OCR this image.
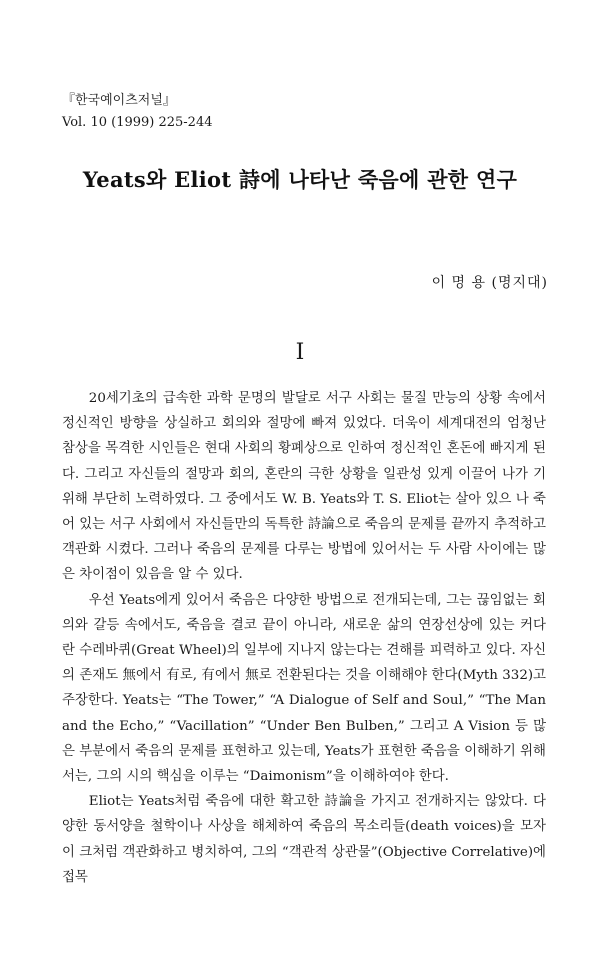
『한국예이츠저널』
Vol. 10 (1999) 225-244
Yeats와 Eliot 詩에 나타난 죽음에 관한 연구
이 명 용 (명지대)
I

20세기초의 급속한 과학 문명의 발달로 서구 사회는 물질 만능의 상황 속에서정신적인 방향을 상실하고 회의와 절망에 빠져 있었다. 더욱이 세계대전의 엄청난참상을 목격한 시인들은 현대 사회의 황폐상으로 인하여 정신적인 혼돈에 빠지게 된다. 그리고 자신들의 절망과 회의, 혼란의 극한 상황을 일관성 있게 이끌어 나가 기 위해 부단히 노력하였다. 그 중에서도 W. B. Yeats와 T. S. Eliot는 살아 있으 나 죽어 있는 서구 사회에서 자신들만의 독특한 詩論으로 죽음의 문제를 끝까지 추적하고 객관화 시켰다. 그러나 죽음의 문제를 다루는 방법에 있어서는 두 사람 사이에는 많은 차이점이 있음을 알 수 있다.

우선 Yeats에게 있어서 죽음은 다양한 방법으로 전개되는데, 그는 끊임없는 회의와 갈등 속에서도, 죽음을 결코 끝이 아니라, 새로운 삶의 연장선상에 있는 커다란 수레바퀴(Great Wheel)의 일부에 지나지 않는다는 견해를 피력하고 있다. 자신의 존재도 無에서 有로, 有에서 無로 전환된다는 것을 이해해야 한다(Myth 332)고주장한다. Yeats는 “The Tower,” “A Dialogue of Self and Soul,” “The Manand the Echo,” “Vacillation” “Under Ben Bulben,” 그리고 A Vision 등 많은 부분에서 죽음의 문제를 표현하고 있는데, Yeats가 표현한 죽음을 이해하기 위해서는, 그의 시의 핵심을 이루는 “Daimonism”을 이해하여야 한다.

Eliot는 Yeats처럼 죽음에 대한 확고한 詩論을 가지고 전개하지는 않았다. 다양한 동서양을 철학이나 사상을 해체하여 죽음의 목소리들(death voices)을 모자이 크처럼 객관화하고 병치하여, 그의 “객관적 상관물”(Objective Correlative)에 접목
